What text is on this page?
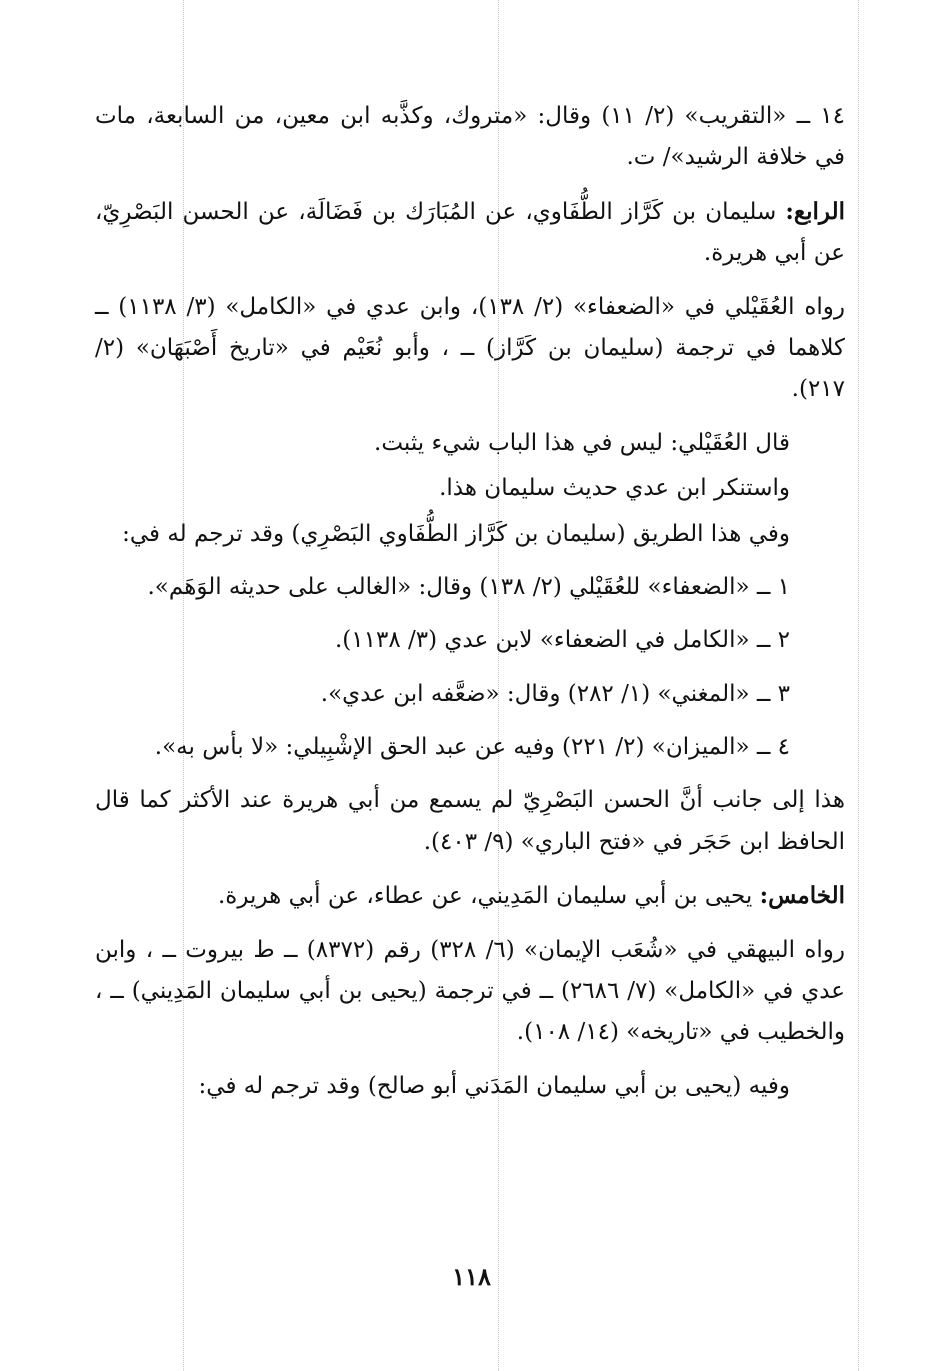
١٤ ــ «التقريب» (٢/ ١١) وقال: «متروك، وكذَّبه ابن معين، من السابعة، مات في خلافة الرشيد»/ ت.

الرابع: سليمان بن كَرَّاز الطُّفَاوي، عن المُبَارَك بن فَضَالَة، عن الحسن البَصْرِيّ، عن أبي هريرة.

رواه العُقَيْلي في «الضعفاء» (٢/ ١٣٨)، وابن عدي في «الكامل» (٣/ ١١٣٨) ــ كلاهما في ترجمة (سليمان بن كَرَّاز) ــ ، وأبو نُعَيْم في «تاريخ أَصْبَهَان» (٢/ ٢١٧).

قال العُقَيْلي: ليس في هذا الباب شيء يثبت.

واستنكر ابن عدي حديث سليمان هذا.

وفي هذا الطريق (سليمان بن كَرَّاز الطُّفَاوي البَصْرِي) وقد ترجم له في:

١ ــ «الضعفاء» للعُقَيْلي (٢/ ١٣٨) وقال: «الغالب على حديثه الوَهَم».

٢ ــ «الكامل في الضعفاء» لابن عدي (٣/ ١١٣٨).

٣ ــ «المغني» (١/ ٢٨٢) وقال: «ضعَّفه ابن عدي».

٤ ــ «الميزان» (٢/ ٢٢١) وفيه عن عبد الحق الإشْبِيلي: «لا بأس به».

هذا إلى جانب أنَّ الحسن البَصْرِيّ لم يسمع من أبي هريرة عند الأكثر كما قال الحافظ ابن حَجَر في «فتح الباري» (٩/ ٤٠٣).

الخامس: يحيى بن أبي سليمان المَدِيني، عن عطاء، عن أبي هريرة.

رواه البيهقي في «شُعَب الإيمان» (٦/ ٣٢٨) رقم (٨٣٧٢) ــ ط بيروت ــ ، وابن عدي في «الكامل» (٧/ ٢٦٨٦) ــ في ترجمة (يحيى بن أبي سليمان المَدِيني) ــ ، والخطيب في «تاريخه» (١٤/ ١٠٨).

وفيه (يحيى بن أبي سليمان المَدَني أبو صالح) وقد ترجم له في:

١١٨
